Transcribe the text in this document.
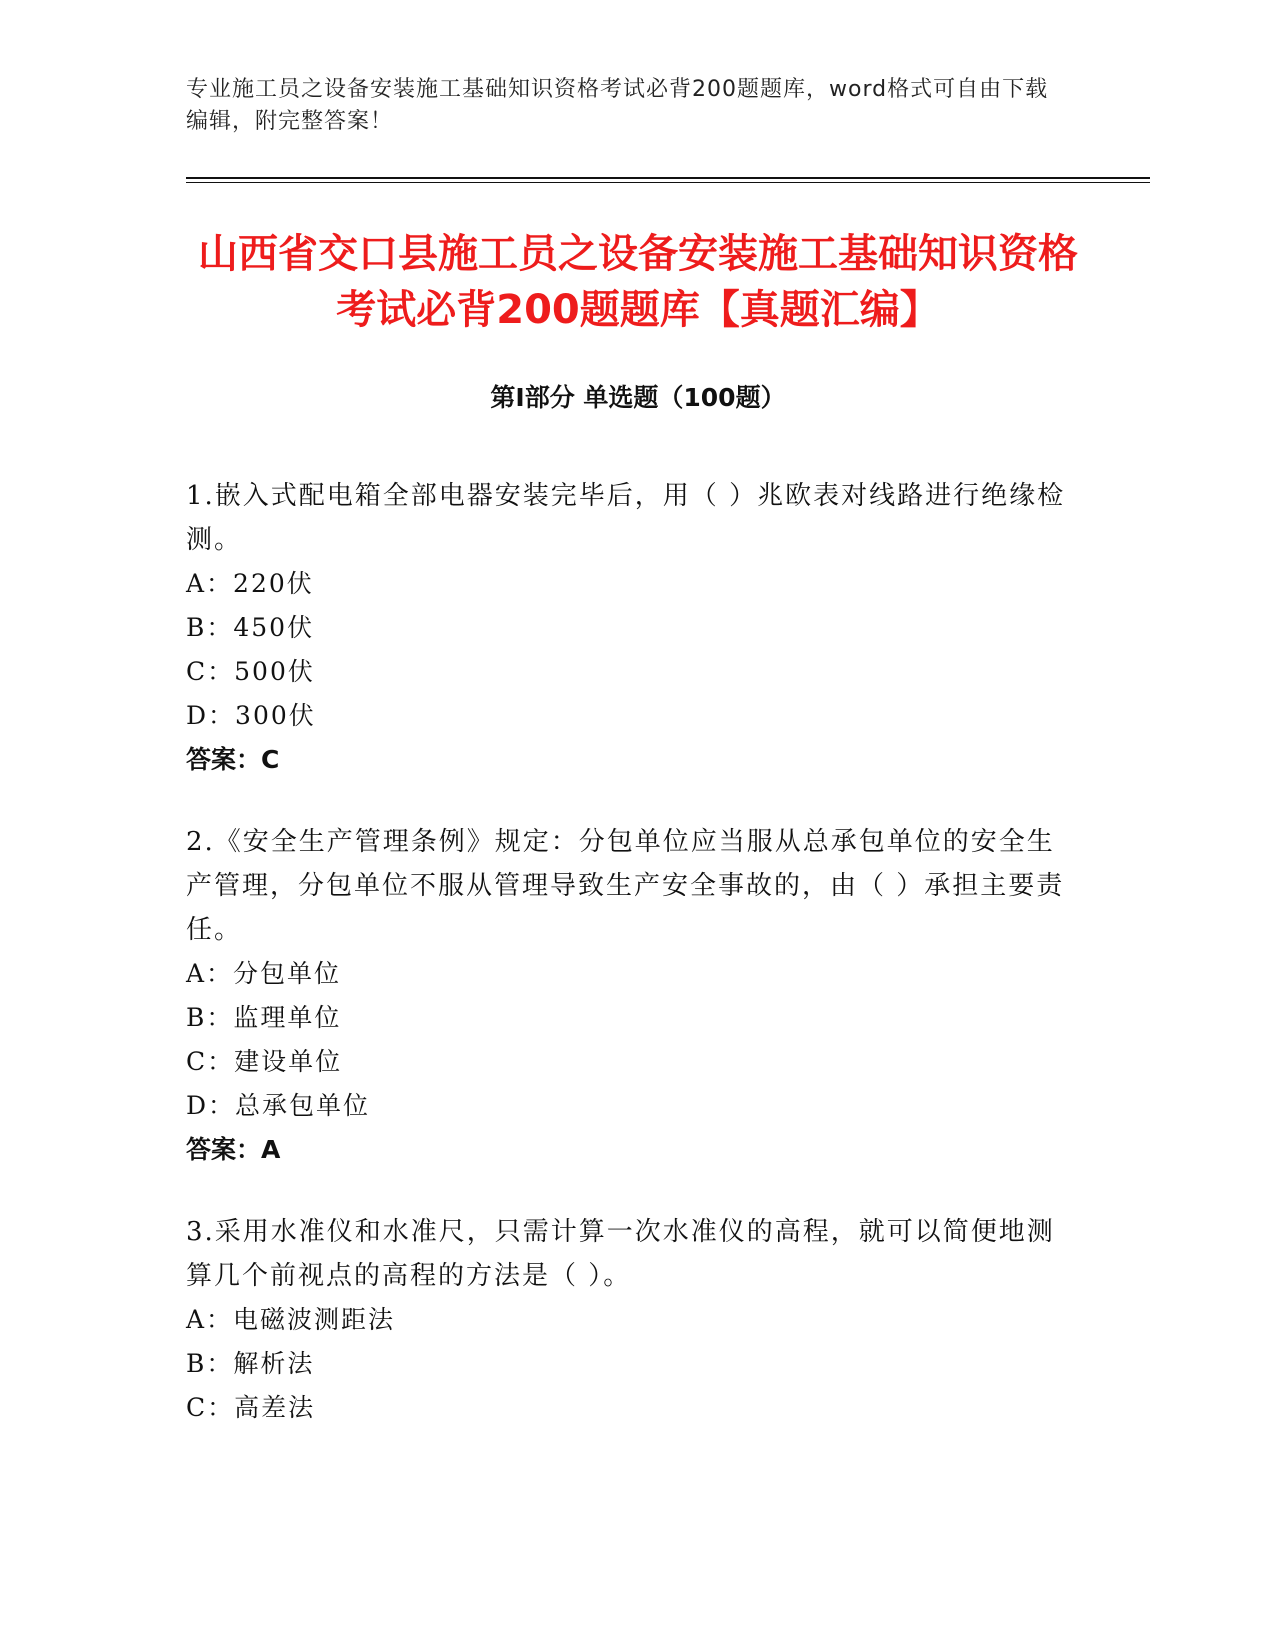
专业施工员之设备安装施工基础知识资格考试必背200题题库，word格式可自由下载编辑，附完整答案！
山西省交口县施工员之设备安装施工基础知识资格考试必背200题题库【真题汇编】
第Ⅰ部分 单选题（100题）
1.嵌入式配电箱全部电器安装完毕后，用（ ）兆欧表对线路进行绝缘检测。
A：220伏
B：450伏
C：500伏
D：300伏
答案：C
2.《安全生产管理条例》规定：分包单位应当服从总承包单位的安全生产管理，分包单位不服从管理导致生产安全事故的，由（ ）承担主要责任。
A：分包单位
B：监理单位
C：建设单位
D：总承包单位
答案：A
3.采用水准仪和水准尺，只需计算一次水准仪的高程，就可以简便地测算几个前视点的高程的方法是（ ）。
A：电磁波测距法
B：解析法
C：高差法
